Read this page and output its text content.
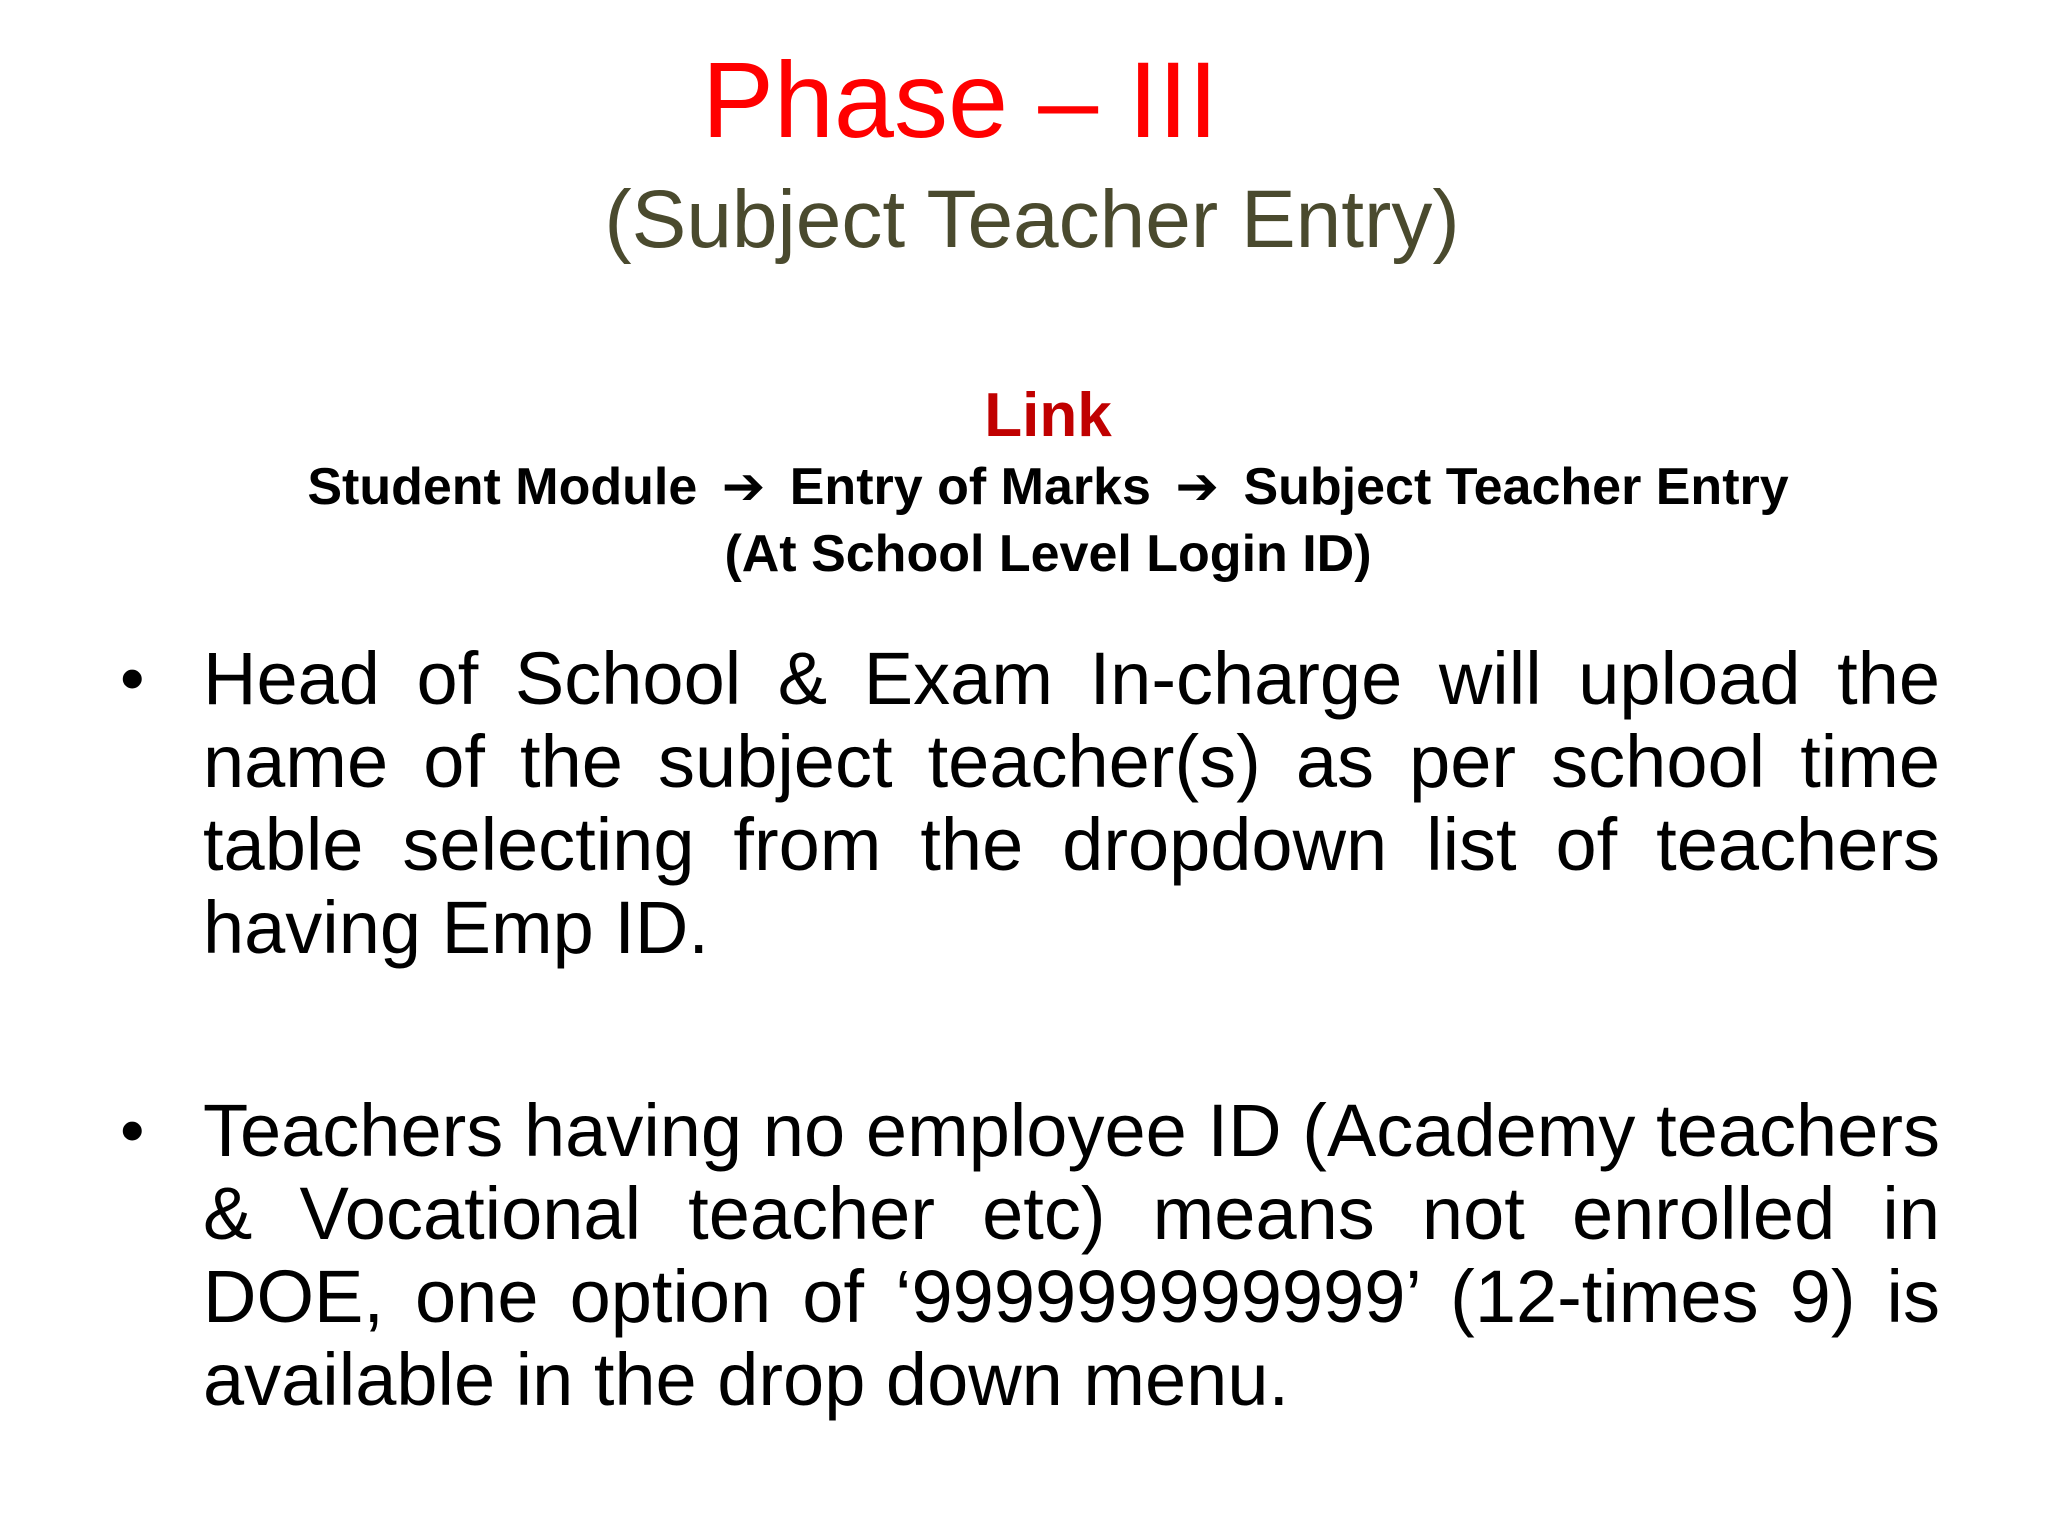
Phase – III
(Subject Teacher Entry)

Link

Student Module ➔ Entry of Marks ➔ Subject Teacher Entry

(At School Level Login ID)

• Head of School & Exam In-charge will upload the name of the subject teacher(s) as per school time table selecting from the dropdown list of teachers having Emp ID.
• Teachers having no employee ID (Academy teachers & Vocational teacher etc) means not enrolled in DOE, one option of ‘999999999999’ (12-times 9) is available in the drop down menu.
